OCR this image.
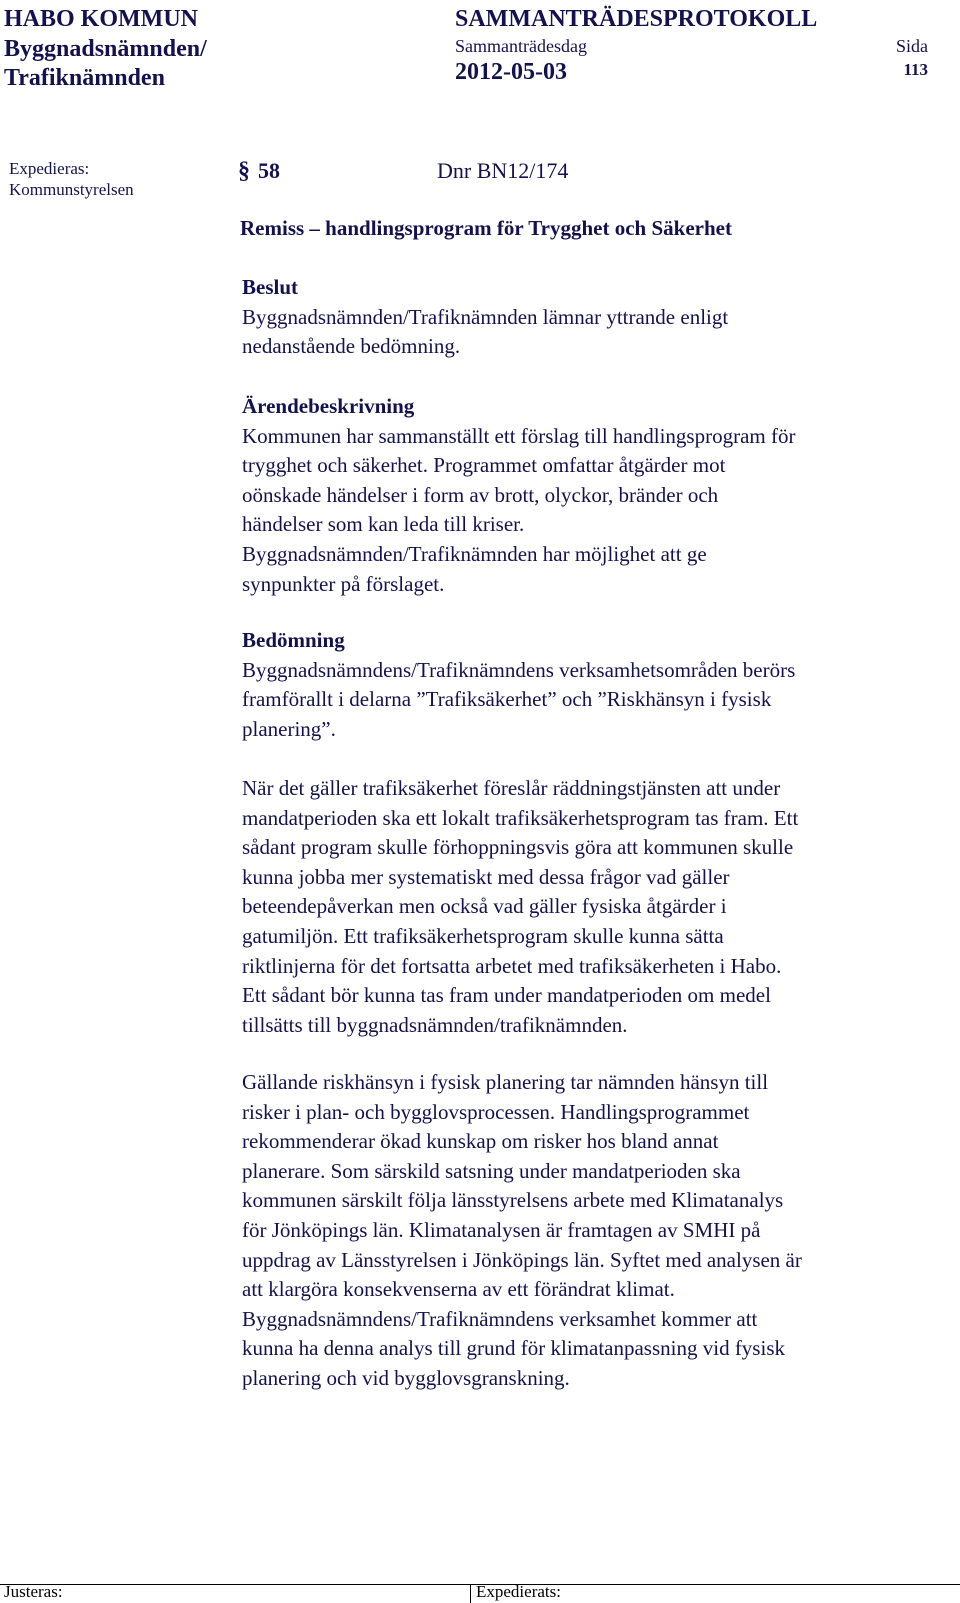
HABO KOMMUN
Byggnadsnämnden/
Trafiknämnden
SAMMANTRÄDESPROTOKOLL
Sammanträdesdag
2012-05-03
Sida
113
Expedieras:
Kommunstyrelsen
§ 58	Dnr BN12/174
Remiss – handlingsprogram för Trygghet och Säkerhet

Beslut

Byggnadsnämnden/Trafiknämnden lämnar yttrande enligt

nedanstående bedömning.

Ärendebeskrivning

Kommunen har sammanställt ett förslag till handlingsprogram för

trygghet och säkerhet. Programmet omfattar åtgärder mot

oönskade händelser i form av brott, olyckor, bränder och

händelser som kan leda till kriser.

Byggnadsnämnden/Trafiknämnden har möjlighet att ge

synpunkter på förslaget.

Bedömning

Byggnadsnämndens/Trafiknämndens verksamhetsområden berörs

framförallt i delarna ”Trafiksäkerhet” och ”Riskhänsyn i fysisk

planering”.

När det gäller trafiksäkerhet föreslår räddningstjänsten att under

mandatperioden ska ett lokalt trafiksäkerhetsprogram tas fram. Ett

sådant program skulle förhoppningsvis göra att kommunen skulle

kunna jobba mer systematiskt med dessa frågor vad gäller

beteendepåverkan men också vad gäller fysiska åtgärder i

gatumiljön. Ett trafiksäkerhetsprogram skulle kunna sätta

riktlinjerna för det fortsatta arbetet med trafiksäkerheten i Habo.

Ett sådant bör kunna tas fram under mandatperioden om medel

tillsätts till byggnadsnämnden/trafiknämnden.

Gällande riskhänsyn i fysisk planering tar nämnden hänsyn till

risker i plan- och bygglovsprocessen. Handlingsprogrammet

rekommenderar ökad kunskap om risker hos bland annat

planerare. Som särskild satsning under mandatperioden ska

kommunen särskilt följa länsstyrelsens arbete med Klimatanalys

för Jönköpings län. Klimatanalysen är framtagen av SMHI på

uppdrag av Länsstyrelsen i Jönköpings län. Syftet med analysen är

att klargöra konsekvenserna av ett förändrat klimat.

Byggnadsnämndens/Trafiknämndens verksamhet kommer att

kunna ha denna analys till grund för klimatanpassning vid fysisk

planering och vid bygglovsgranskning.

Justeras:	Expedierats:
